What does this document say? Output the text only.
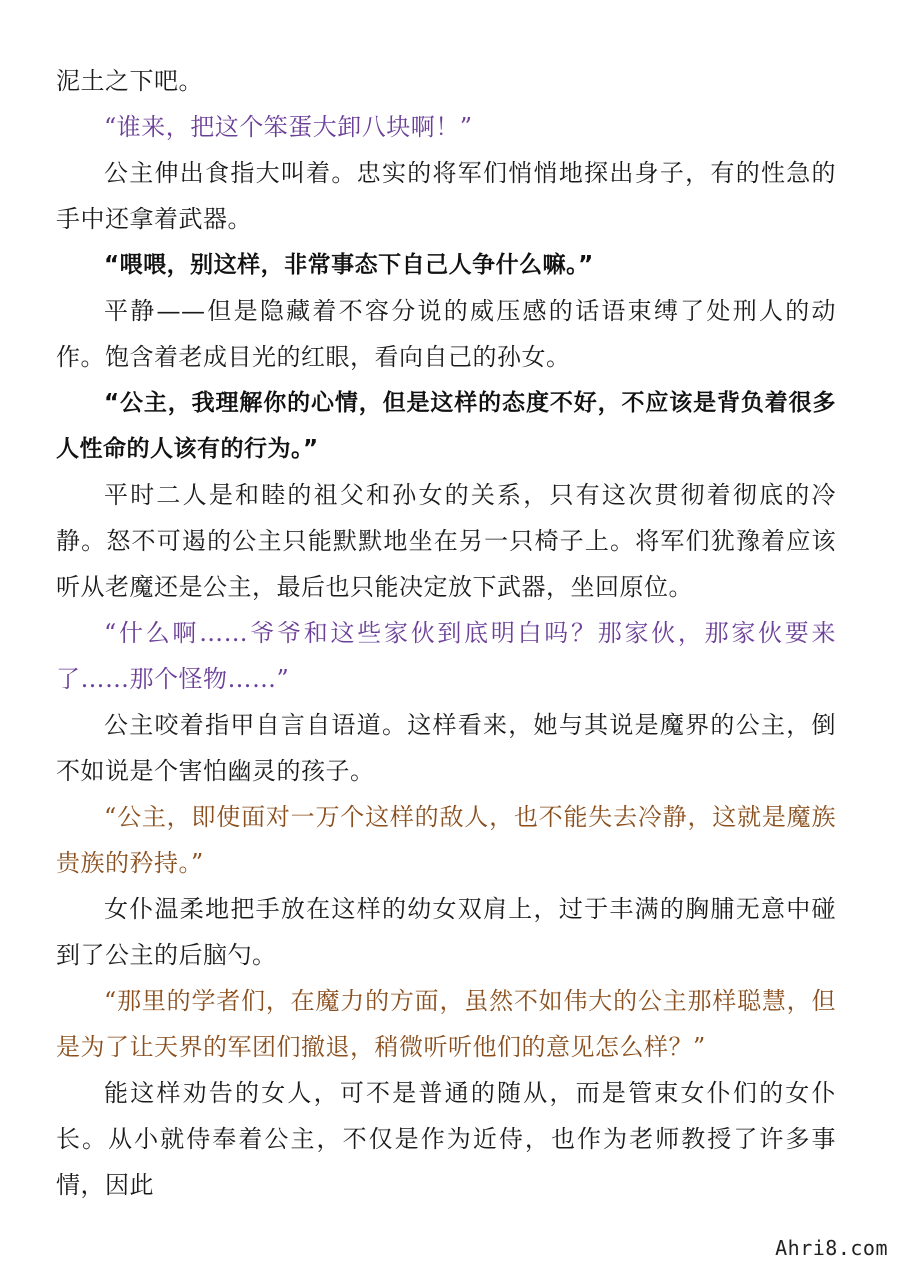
泥土之下吧。

“谁来，把这个笨蛋大卸八块啊！”

公主伸出食指大叫着。忠实的将军们悄悄地探出身子，有的性急的手中还拿着武器。

“喂喂，别这样，非常事态下自己人争什么嘛。”

平静——但是隐藏着不容分说的威压感的话语束缚了处刑人的动作。饱含着老成目光的红眼，看向自己的孙女。

“公主，我理解你的心情，但是这样的态度不好，不应该是背负着很多人性命的人该有的行为。”

平时二人是和睦的祖父和孙女的关系，只有这次贯彻着彻底的冷静。怒不可遏的公主只能默默地坐在另一只椅子上。将军们犹豫着应该听从老魔还是公主，最后也只能决定放下武器，坐回原位。

“什么啊……爷爷和这些家伙到底明白吗？那家伙，那家伙要来了……那个怪物……”

公主咬着指甲自言自语道。这样看来，她与其说是魔界的公主，倒不如说是个害怕幽灵的孩子。

“公主，即使面对一万个这样的敌人，也不能失去冷静，这就是魔族贵族的矜持。”

女仆温柔地把手放在这样的幼女双肩上，过于丰满的胸脯无意中碰到了公主的后脑勺。

“那里的学者们，在魔力的方面，虽然不如伟大的公主那样聪慧，但是为了让天界的军团们撤退，稍微听听他们的意见怎么样？”

能这样劝告的女人，可不是普通的随从，而是管束女仆们的女仆长。从小就侍奉着公主，不仅是作为近侍，也作为老师教授了许多事情，因此

Ahri8.com
